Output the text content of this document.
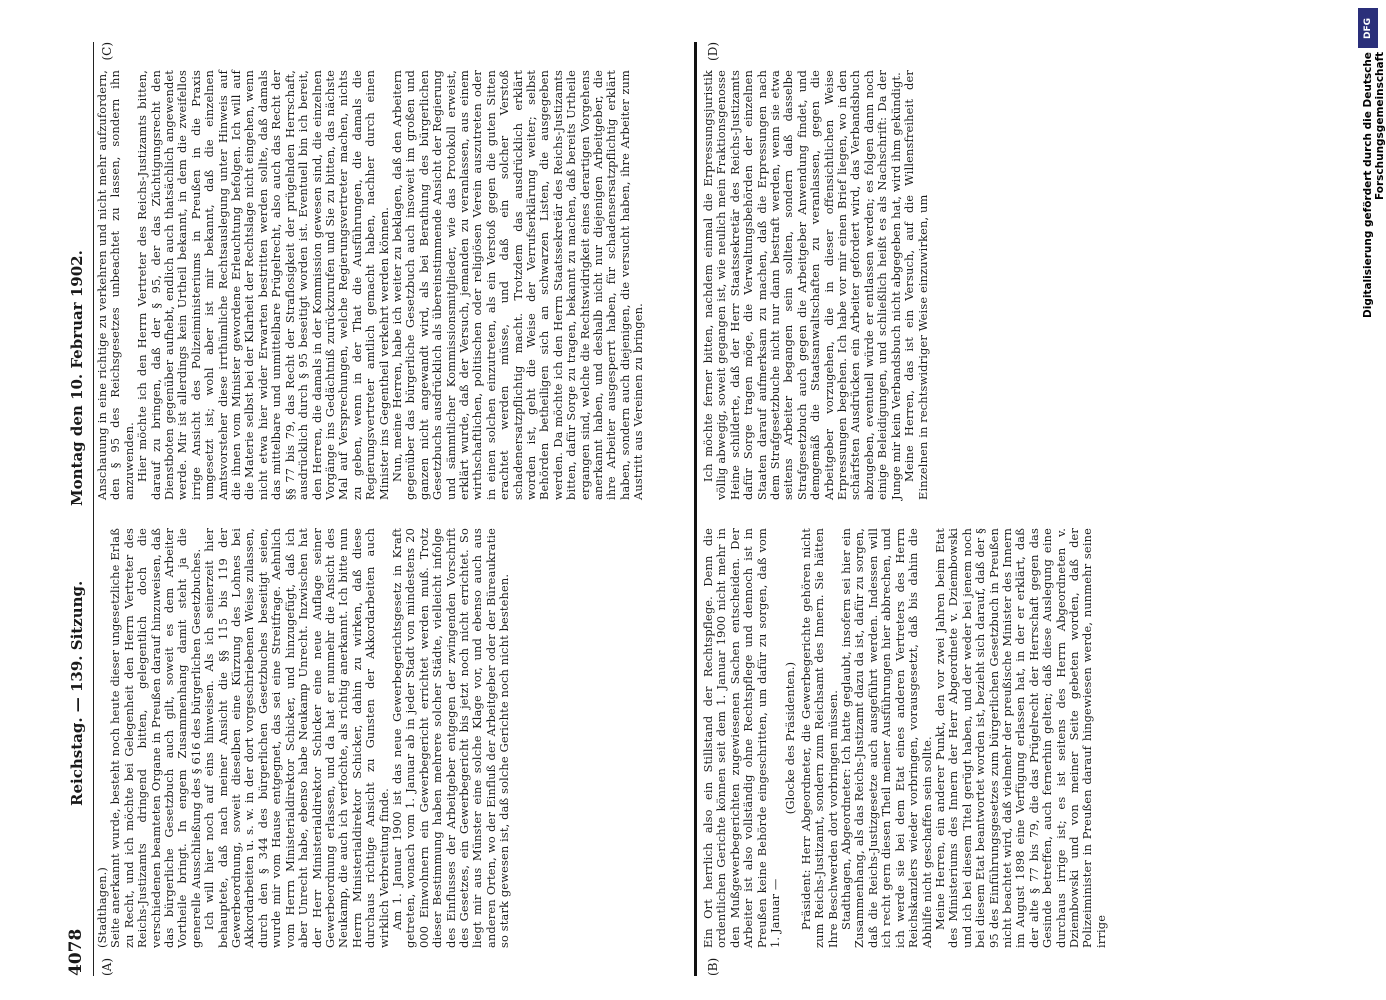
4078
Reichstag. — 139. Sitzung.
Montag den 10. Februar 1902.
(A)
(C)

(Stadthagen.) Seite anerkannt wurde, besteht noch heute dieser ungesetzliche Erlaß zu Recht, und ich möchte bei Gelegenheit den Herrn Vertreter des Reichs-Justizamts dringend bitten, gelegentlich doch die verschiedenen beamteten Organe in Preußen darauf hinzuweisen, daß das bürgerliche Gesetzbuch auch gilt, soweit es dem Arbeiter Vortheile bringt. In engem Zusammenhang damit steht ja die generelle Ausschließung des § 616 des bürgerlichen Gesetzbuches. Ich will hier noch auf eins hinweisen. Als ich seinerzeit hier behauptete, daß nach meiner Ansicht die §§ 115 bis 119 der Gewerbeordnung, soweit dieselben eine Kürzung des Lohnes bei Akkordarbeiten u. s. w. in der dort vorgeschriebenen Weise zulassen, durch den § 344 des bürgerlichen Gesetzbuches beseitigt seien, wurde mir vom Hause entgegnet, das sei eine Streitfrage. Aehnlich vom Herrn Ministerialdirektor Schicker, und hinzugefügt, daß ich aber Unrecht habe, ebenso habe Neukamp Unrecht. Inzwischen hat der Herr Ministerialdirektor Schicker eine neue Auflage seiner Gewerbeordnung erlassen, und da hat er nunmehr die Ansicht des Neukamp, die auch ich verfochte, als richtig anerkannt. Ich bitte nun Herrn Ministerialdirektor Schicker, dahin zu wirken, daß diese durchaus richtige Ansicht zu Gunsten der Akkordarbeiten auch wirklich Verbreitung finde. Am 1. Januar 1900 ist das neue Gewerbegerichtsgesetz in Kraft getreten, wonach vom 1. Januar ab in jeder Stadt von mindestens 20 000 Einwohnern ein Gewerbegericht errichtet werden muß. Trotz dieser Bestimmung haben mehrere solcher Städte, vielleicht infolge des Einflusses der Arbeitgeber entgegen der zwingenden Vorschrift des Gesetzes, ein Gewerbegericht bis jetzt noch nicht errichtet. So liegt mir aus Münster eine solche Klage vor, und ebenso auch aus anderen Orten, wo der Einfluß der Arbeitgeber oder der Büreaukratie so stark gewesen ist, daß solche Gerichte noch nicht bestehen.

Anschauung in eine richtige zu verkehren und nicht mehr aufzufordern, den § 95 des Reichsgesetzes unbeachtet zu lassen, sondern ihn anzuwenden. Hier möchte ich den Herrn Vertreter des Reichs-Justizamts bitten, darauf zu bringen, daß der § 95, der das Züchtigungsrecht den Dienstboten gegenüber aufhebt, endlich auch thatsächlich angewendet werde. Mir ist allerdings kein Urtheil bekannt, in dem die zweifellos irrige Ansicht des Polizeiministeriums in Preußen in die Praxis umgesetzt ist; wohl aber ist mir bekannt, daß die einzelnen Amtsvorsteher diese irrthümliche Rechtsauslegung unter Hinweis auf die ihnen vom Minister gewordene Erleuchtung befolgen. Ich will auf die Materie selbst bei der Klarheit der Rechtslage nicht eingehen, wenn nicht etwa hier wider Erwarten bestritten werden sollte, daß damals das mittelbare und unmittelbare Prügelrecht, also auch das Recht der §§ 77 bis 79, das Recht der Straflosigkeit der prügelnden Herrschaft, ausdrücklich durch § 95 beseitigt worden ist. Eventuell bin ich bereit, den Herren, die damals in der Kommission gewesen sind, die einzelnen Vorgänge ins Gedächtniß zurückzurufen und Sie zu bitten, das nächste Mal auf Versprechungen, welche Regierungsvertreter machen, nichts zu geben, wenn in der That die Ausführungen, die damals die Regierungsvertreter amtlich gemacht haben, nachher durch einen Minister ins Gegentheil verkehrt werden können. Nun, meine Herren, habe ich weiter zu beklagen, daß den Arbeitern gegenüber das bürgerliche Gesetzbuch auch insoweit im großen und ganzen nicht angewandt wird, als bei Berathung des bürgerlichen Gesetzbuchs ausdrücklich als übereinstimmende Ansicht der Regierung und sämmtlicher Kommissionsmitglieder, wie das Protokoll erweist, erklärt wurde, daß der Versuch, jemanden zu veranlassen, aus einem wirthschaftlichen, politischen oder religiösen Verein auszutreten oder in einen solchen einzutreten, als ein Verstoß gegen die guten Sitten erachtet werden müsse, und daß ein solcher Verstoß schadenersatzpflichtig macht. Trotzdem das ausdrücklich erklärt worden ist, geht die Weise der Verrufserklärung weiter; selbst Behörden betheiligen sich an schwarzen Listen, die ausgegeben werden. Da möchte ich den Herrn Staatssekretär des Reichs-Justizamts bitten, dafür Sorge zu tragen, bekannt zu machen, daß bereits Urtheile ergangen sind, welche die Rechtswidrigkeit eines derartigen Vorgehens anerkannt haben, und deshalb nicht nur diejenigen Arbeitgeber, die ihre Arbeiter ausgesperrt haben, für schadensersatzpflichtig erklärt haben, sondern auch diejenigen, die versucht haben, ihre Arbeiter zum Austritt aus Vereinen zu bringen.

(B)
(D)

Ein Ort herrlich also ein Stillstand der Rechtspflege. Denn die ordentlichen Gerichte können seit dem 1. Januar 1900 nicht mehr in den Mußgewerbegerichten zugewiesenen Sachen entscheiden. Der Arbeiter ist also vollständig ohne Rechtspflege und dennoch ist in Preußen keine Behörde eingeschritten, um dafür zu sorgen, daß vom 1. Januar —

(Glocke des Präsidenten.) Präsident: Herr Abgeordneter, die Gewerbegerichte gehören nicht zum Reichs-Justizamt, sondern zum Reichsamt des Innern. Sie hätten Ihre Beschwerden dort vorbringen müssen. Stadthagen, Abgeordneter: Ich hatte geglaubt, insofern sei hier ein Zusammenhang, als das Reichs-Justizamt dazu da ist, dafür zu sorgen, daß die Reichs-Justizgesetze auch ausgeführt werden. Indessen will ich recht gern diesen Theil meiner Ausführungen hier abbrechen, und ich werde sie bei dem Etat eines anderen Vertreters des Herrn Reichskanzlers wieder vorbringen, vorausgesetzt, daß bis dahin die Abhilfe nicht geschaffen sein sollte. Meine Herren, ein anderer Punkt, den vor zwei Jahren beim Etat des Ministeriums des Innern der Herr Abgeordnete v. Dziembowski und ich bei diesem Titel gerügt haben, und der weder bei jenem noch bei diesem Etat beantwortet worden ist, bezieht sich darauf, daß der § 95 des Einführungsgesetzes zum bürgerlichen Gesetzbuch in Preußen nicht beachtet wird, daß vielmehr der preußische Minister des Innern im August 1898 eine Verfügung erlassen hat, in der er erklärt, daß der alte § 77 bis 79, die das Prügelrecht der Herrschaft gegen das Gesinde betreffen, auch fernerhin gelten; daß diese Auslegung eine durchaus irrige ist; es ist seitens des Herrn Abgeordneten v. Dziembowski und von meiner Seite gebeten worden, daß der Polizeiminister in Preußen darauf hingewiesen werde, nunmehr seine irrige

Ich möchte ferner bitten, nachdem einmal die Erpressungsjuristik völlig abwegig, soweit gegangen ist, wie neulich mein Fraktionsgenosse Heine schilderte, daß der Herr Staatssekretär des Reichs-Justizamts dafür Sorge tragen möge, die Verwaltungsbehörden der einzelnen Staaten darauf aufmerksam zu machen, daß die Erpressungen nach dem Strafgesetzbuche nicht nur dann bestraft werden, wenn sie etwa seitens Arbeiter begangen sein sollten, sondern daß dasselbe Strafgesetzbuch auch gegen die Arbeitgeber Anwendung findet, und demgemäß die Staatsanwaltschaften zu veranlassen, gegen die Arbeitgeber vorzugehen, die in dieser offensichtlichen Weise Erpressungen begehen. Ich habe vor mir einen Brief liegen, wo in den schärfsten Ausdrücken ein Arbeiter gefordert wird, das Verbandsbuch abzugeben, eventuell würde er entlassen werden; es folgen dann noch einige Beleidigungen, und schließlich heißt es als Nachschrift: Da der Junge mir kein Verbandsbuch nicht abgegeben hat, wird ihm gekündigt. Meine Herren, das ist ein Versuch, auf die Willensfreiheit der Einzelnen in rechtswidriger Weise einzuwirken, um

DFG
Digitalisierung gefördert durch die Deutsche Forschungsgemeinschaft
